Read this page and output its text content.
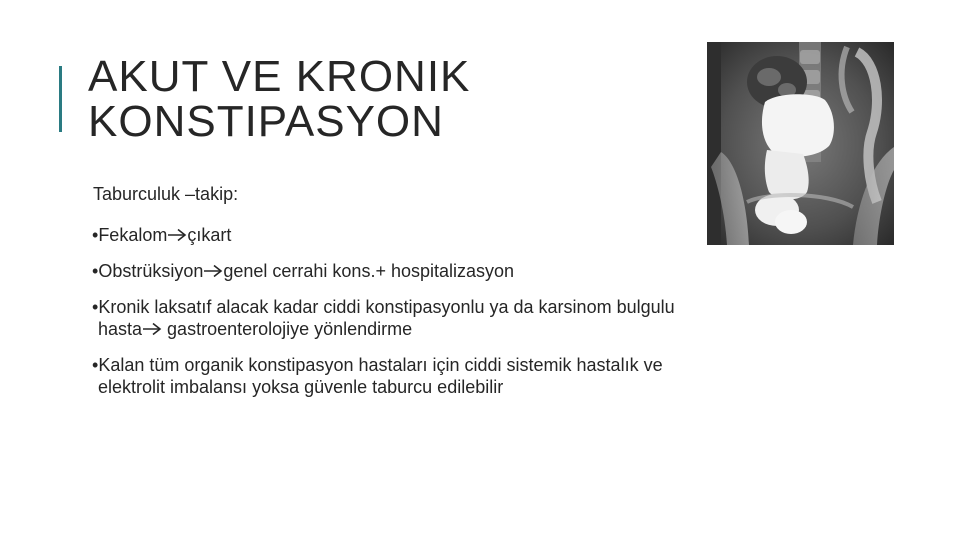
AKUT VE KRONIK
KONSTIPASYON
Taburculuk –takip:
•Fekalom çıkart
•Obstrüksiyon genel cerrahi kons.+ hospitalizasyon
•Kronik laksatıf alacak kadar ciddi konstipasyonlu ya da karsinom bulgulu
hasta gastroenterolojiye yönlendirme
•Kalan tüm organik konstipasyon hastaları için ciddi sistemik hastalık ve
elektrolit imbalansı yoksa güvenle taburcu edilebilir
